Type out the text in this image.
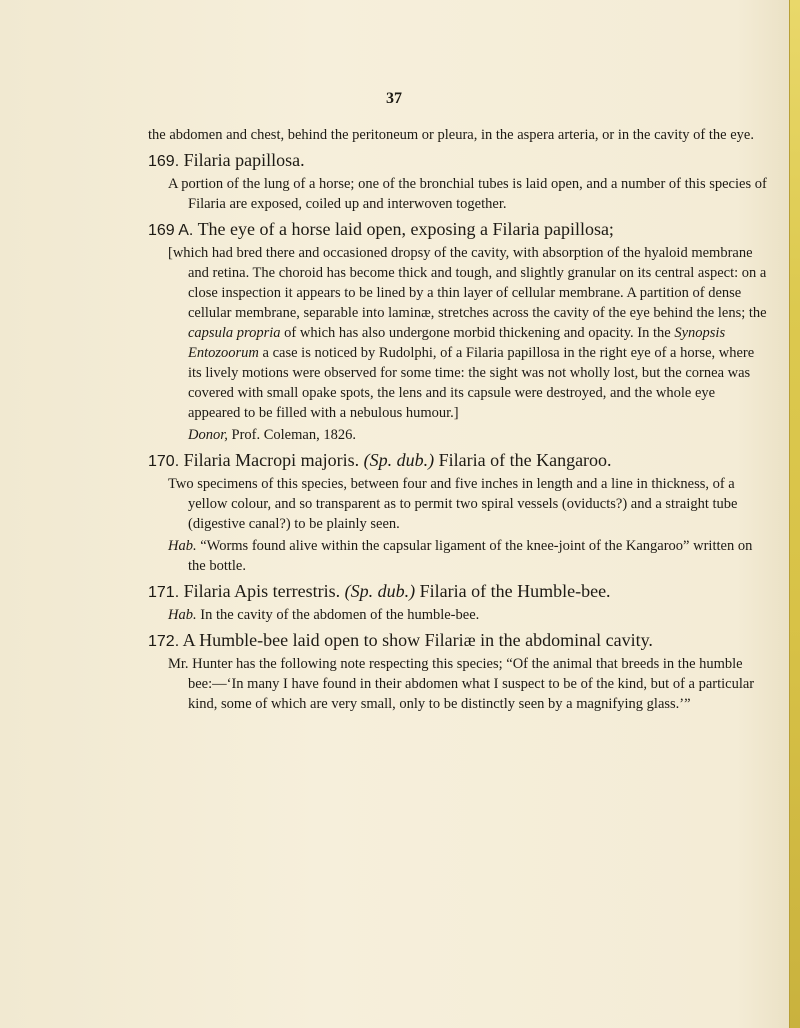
37

the abdomen and chest, behind the peritoneum or pleura, in the aspera arteria, or in the cavity of the eye.

169. Filaria papillosa.

A portion of the lung of a horse; one of the bronchial tubes is laid open, and a number of this species of Filaria are exposed, coiled up and interwoven together.

169 A. The eye of a horse laid open, exposing a Filaria papillosa;

[which had bred there and occasioned dropsy of the cavity, with absorption of the hyaloid membrane and retina. The choroid has become thick and tough, and slightly granular on its central aspect: on a close inspection it appears to be lined by a thin layer of cellular membrane. A partition of dense cellular membrane, separable into laminæ, stretches across the cavity of the eye behind the lens; the capsula propria of which has also undergone morbid thickening and opacity. In the Synopsis Entozoorum a case is noticed by Rudolphi, of a Filaria papillosa in the right eye of a horse, where its lively motions were observed for some time: the sight was not wholly lost, but the cornea was covered with small opake spots, the lens and its capsule were destroyed, and the whole eye appeared to be filled with a nebulous humour.]

Donor, Prof. Coleman, 1826.

170. Filaria Macropi majoris. (Sp. dub.) Filaria of the Kangaroo.

Two specimens of this species, between four and five inches in length and a line in thickness, of a yellow colour, and so transparent as to permit two spiral vessels (oviducts?) and a straight tube (digestive canal?) to be plainly seen.

Hab. “Worms found alive within the capsular ligament of the knee-joint of the Kangaroo” written on the bottle.

171. Filaria Apis terrestris. (Sp. dub.) Filaria of the Humble-bee.

Hab. In the cavity of the abdomen of the humble-bee.

172. A Humble-bee laid open to show Filariæ in the abdominal cavity.

Mr. Hunter has the following note respecting this species; “Of the animal that breeds in the humble bee:—‘In many I have found in their abdomen what I suspect to be of the kind, but of a particular kind, some of which are very small, only to be distinctly seen by a magnifying glass.’”
